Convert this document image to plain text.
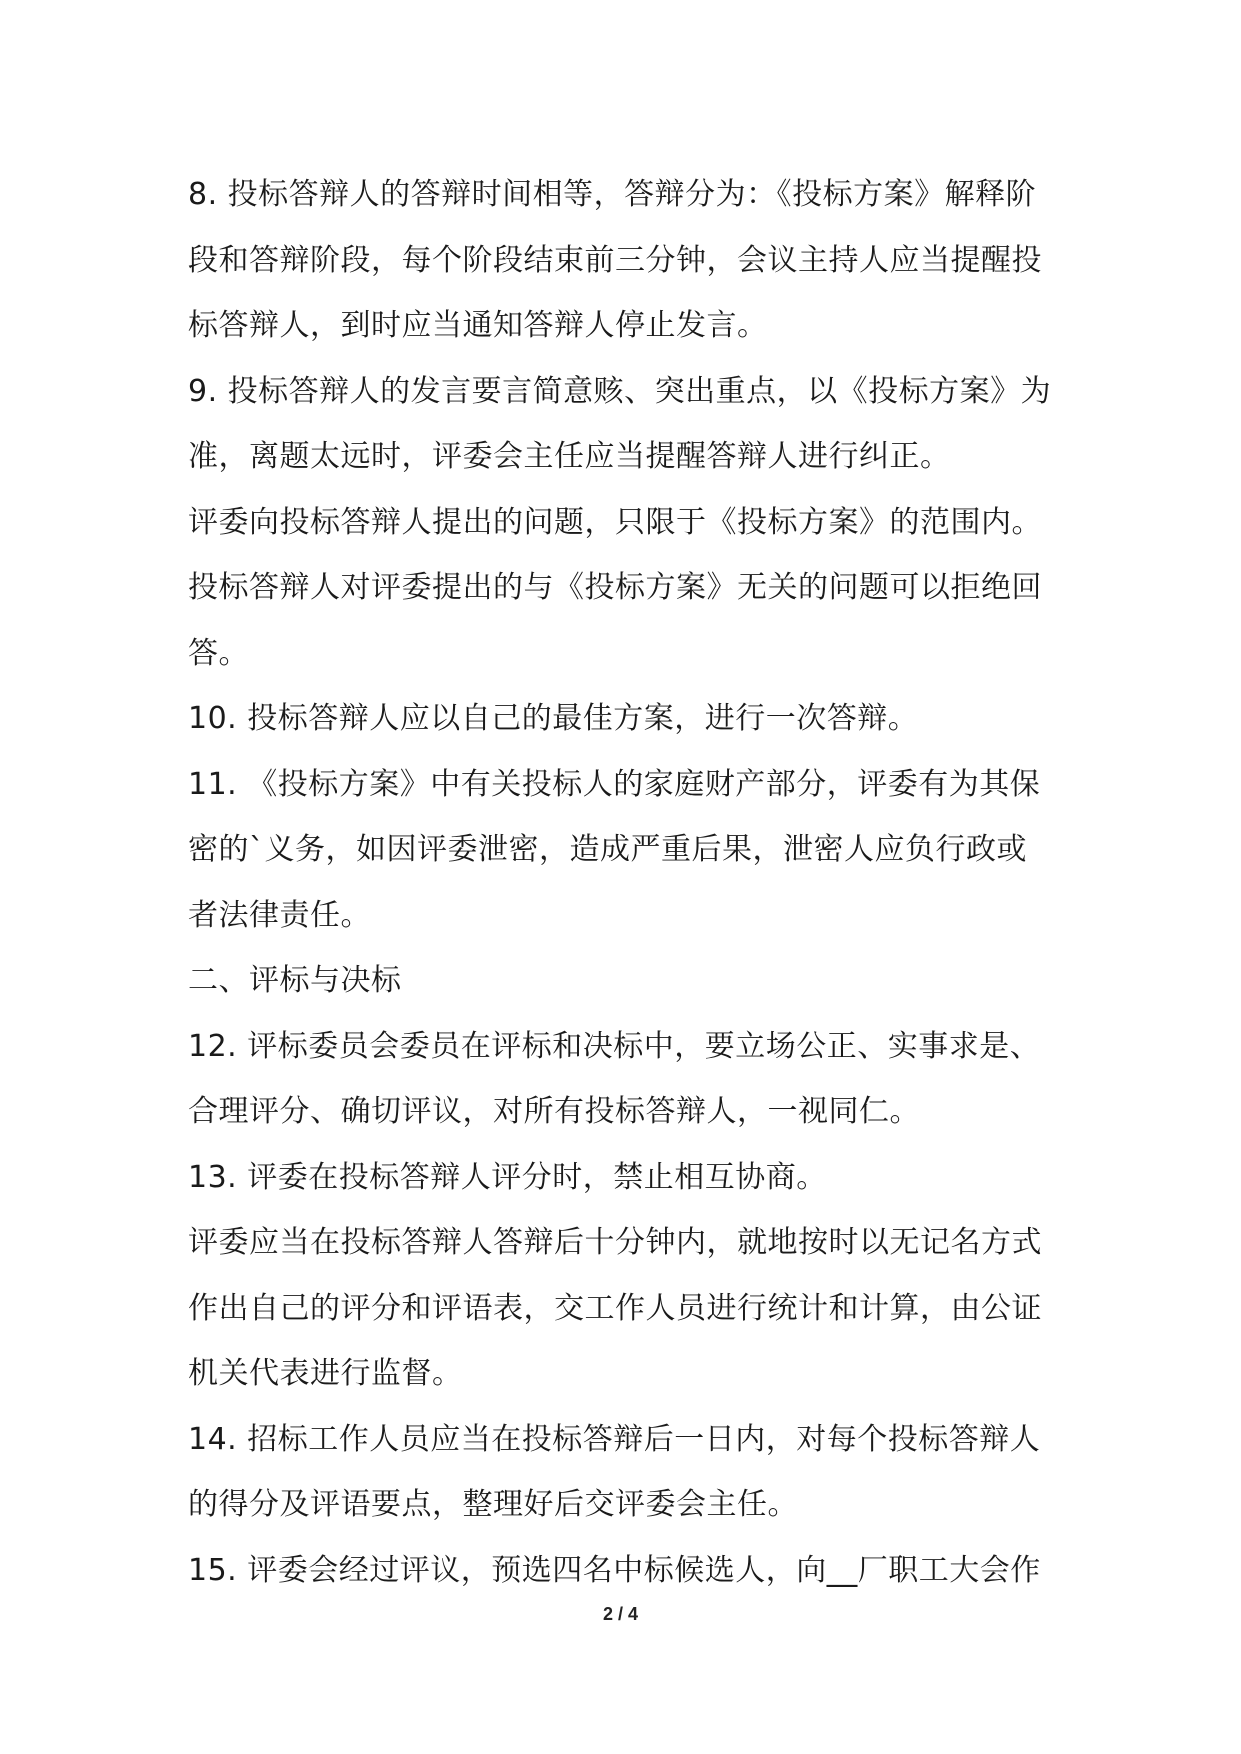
8. 投标答辩人的答辩时间相等，答辩分为：《投标方案》解释阶
段和答辩阶段，每个阶段结束前三分钟，会议主持人应当提醒投
标答辩人，到时应当通知答辩人停止发言。
9. 投标答辩人的发言要言简意赅、突出重点，以《投标方案》为
准，离题太远时，评委会主任应当提醒答辩人进行纠正。
评委向投标答辩人提出的问题，只限于《投标方案》的范围内。
投标答辩人对评委提出的与《投标方案》无关的问题可以拒绝回
答。
10. 投标答辩人应以自己的最佳方案，进行一次答辩。
11. 《投标方案》中有关投标人的家庭财产部分，评委有为其保
密的`义务，如因评委泄密，造成严重后果，泄密人应负行政或
者法律责任。
二、评标与决标
12. 评标委员会委员在评标和决标中，要立场公正、实事求是、
合理评分、确切评议，对所有投标答辩人，一视同仁。
13. 评委在投标答辩人评分时，禁止相互协商。
评委应当在投标答辩人答辩后十分钟内，就地按时以无记名方式
作出自己的评分和评语表，交工作人员进行统计和计算，由公证
机关代表进行监督。
14. 招标工作人员应当在投标答辩后一日内，对每个投标答辩人
的得分及评语要点，整理好后交评委会主任。
15. 评委会经过评议，预选四名中标候选人，向__厂职工大会作
2 / 4
